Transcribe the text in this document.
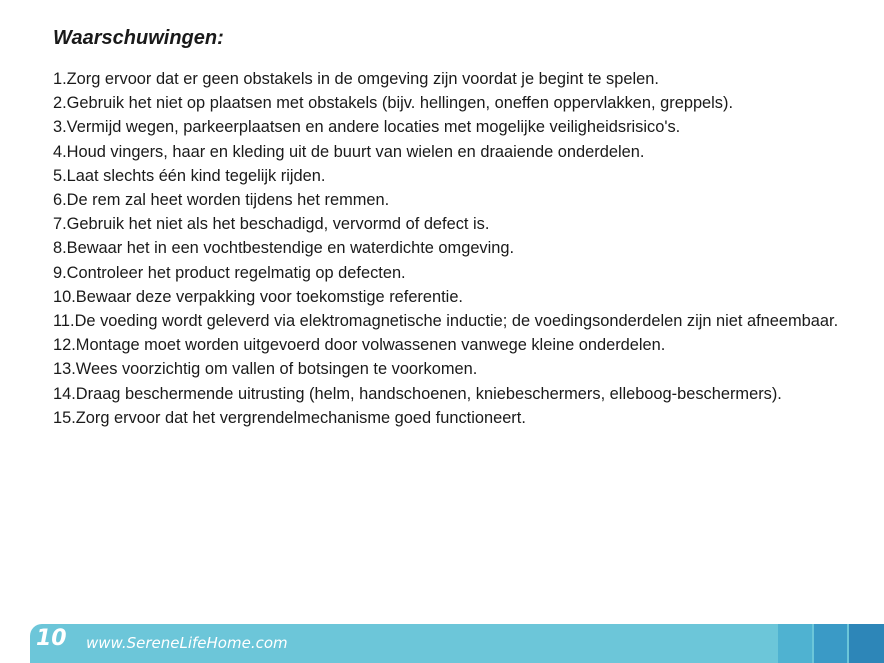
Waarschuwingen:
1.Zorg ervoor dat er geen obstakels in de omgeving zijn voordat je begint te spelen.
2.Gebruik het niet op plaatsen met obstakels (bijv. hellingen, oneffen oppervlakken, greppels).
3.Vermijd wegen, parkeerplaatsen en andere locaties met mogelijke veiligheidsrisico's.
4.Houd vingers, haar en kleding uit de buurt van wielen en draaiende onderdelen.
5.Laat slechts één kind tegelijk rijden.
6.De rem zal heet worden tijdens het remmen.
7.Gebruik het niet als het beschadigd, vervormd of defect is.
8.Bewaar het in een vochtbestendige en waterdichte omgeving.
9.Controleer het product regelmatig op defecten.
10.Bewaar deze verpakking voor toekomstige referentie.
11.De voeding wordt geleverd via elektromagnetische inductie; de voedingsonderdelen zijn niet afneembaar.
12.Montage moet worden uitgevoerd door volwassenen vanwege kleine onderdelen.
13.Wees voorzichtig om vallen of botsingen te voorkomen.
14.Draag beschermende uitrusting (helm, handschoenen, kniebeschermers, elleboog-beschermers).
15.Zorg ervoor dat het vergrendelmechanisme goed functioneert.
10 www.SereneLifeHome.com
